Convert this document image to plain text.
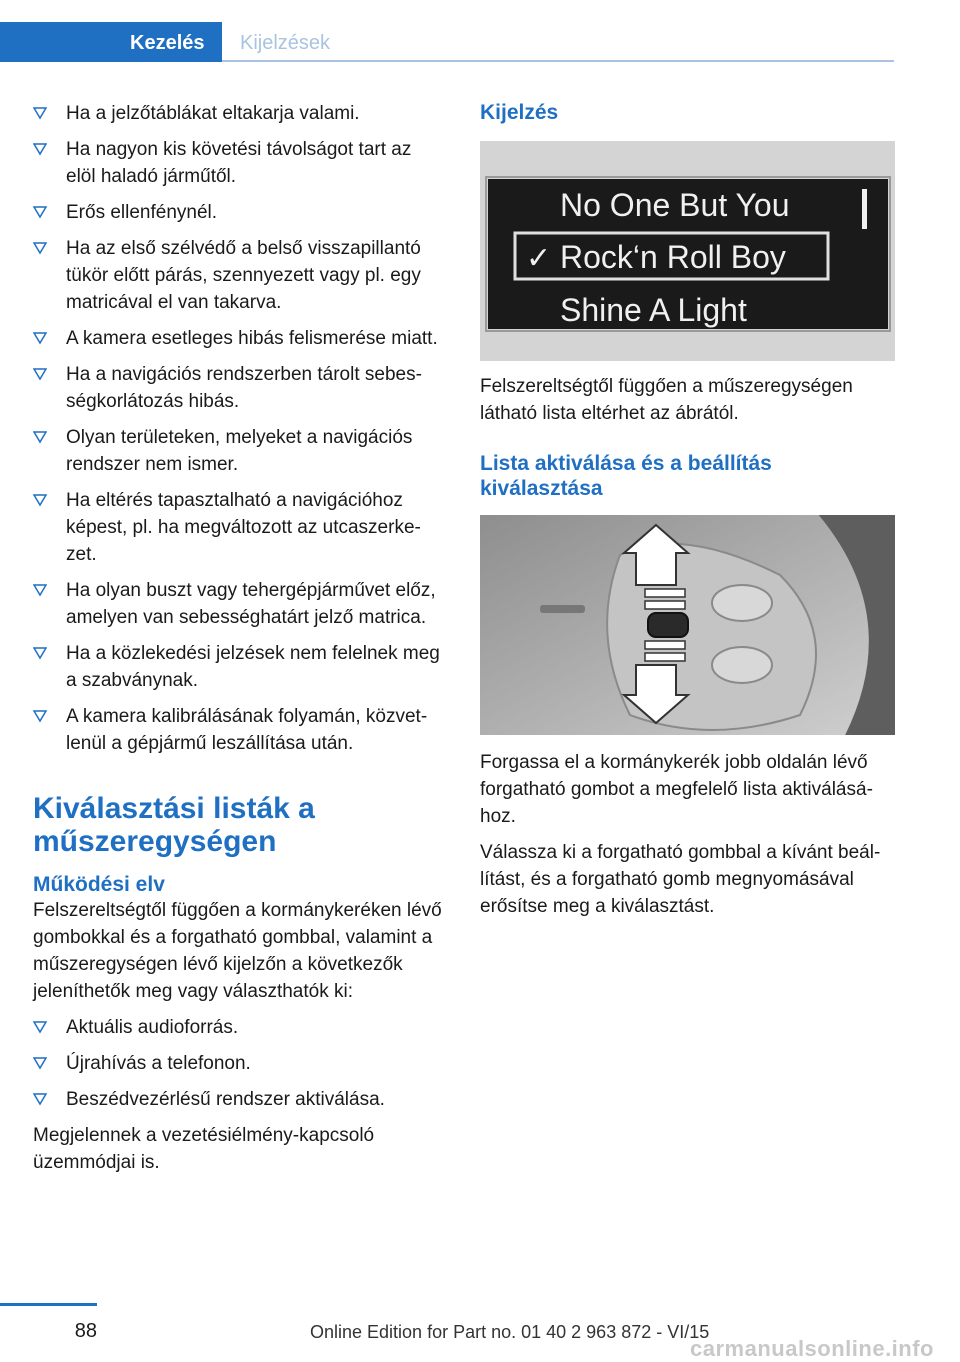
Kezelés	Kijelzések
Ha a jelzőtáblákat eltakarja valami.
Ha nagyon kis követési távolságot tart az elöl haladó járműtől.
Erős ellenfénynél.
Ha az első szélvédő a belső visszapillantó tükör előtt párás, szennyezett vagy pl. egy matricával el van takarva.
A kamera esetleges hibás felismerése miatt.
Ha a navigációs rendszerben tárolt sebességkorlátozás hibás.
Olyan területeken, melyeket a navigációs rendszer nem ismer.
Ha eltérés tapasztalható a navigációhoz képest, pl. ha megváltozott az utcaszerkezet.
Ha olyan buszt vagy tehergépjárművet előz, amelyen van sebességhatárt jelző matrica.
Ha a közlekedési jelzések nem felelnek meg a szabványnak.
A kamera kalibrálásának folyamán, közvetlenül a gépjármű leszállítása után.
Kiválasztási listák a műszeregységen
Működési elv

Felszereltségtől függően a kormánykeréken lévő gombokkal és a forgatható gombbal, valamint a műszeregységen lévő kijelzőn a következők jeleníthetők meg vagy választhatók ki:

Aktuális audioforrás.
Újrahívás a telefonon.
Beszédvezérlésű rendszer aktiválása.

Megjelennek a vezetésiélmény-kapcsoló üzemmódjai is.

Kijelzés
No One But You
✓ Rock‘n Roll Boy
Shine A Light

Felszereltségtől függően a műszeregységen látható lista eltérhet az ábrától.

Lista aktiválása és a beállítás kiválasztása

Forgassa el a kormánykerék jobb oldalán lévő forgatható gombot a megfelelő lista aktiválásához.

Válassza ki a forgatható gombbal a kívánt beállítást, és a forgatható gomb megnyomásával erősítse meg a kiválasztást.

88	Online Edition for Part no. 01 40 2 963 872 - VI/15
carmanualsonline.info
